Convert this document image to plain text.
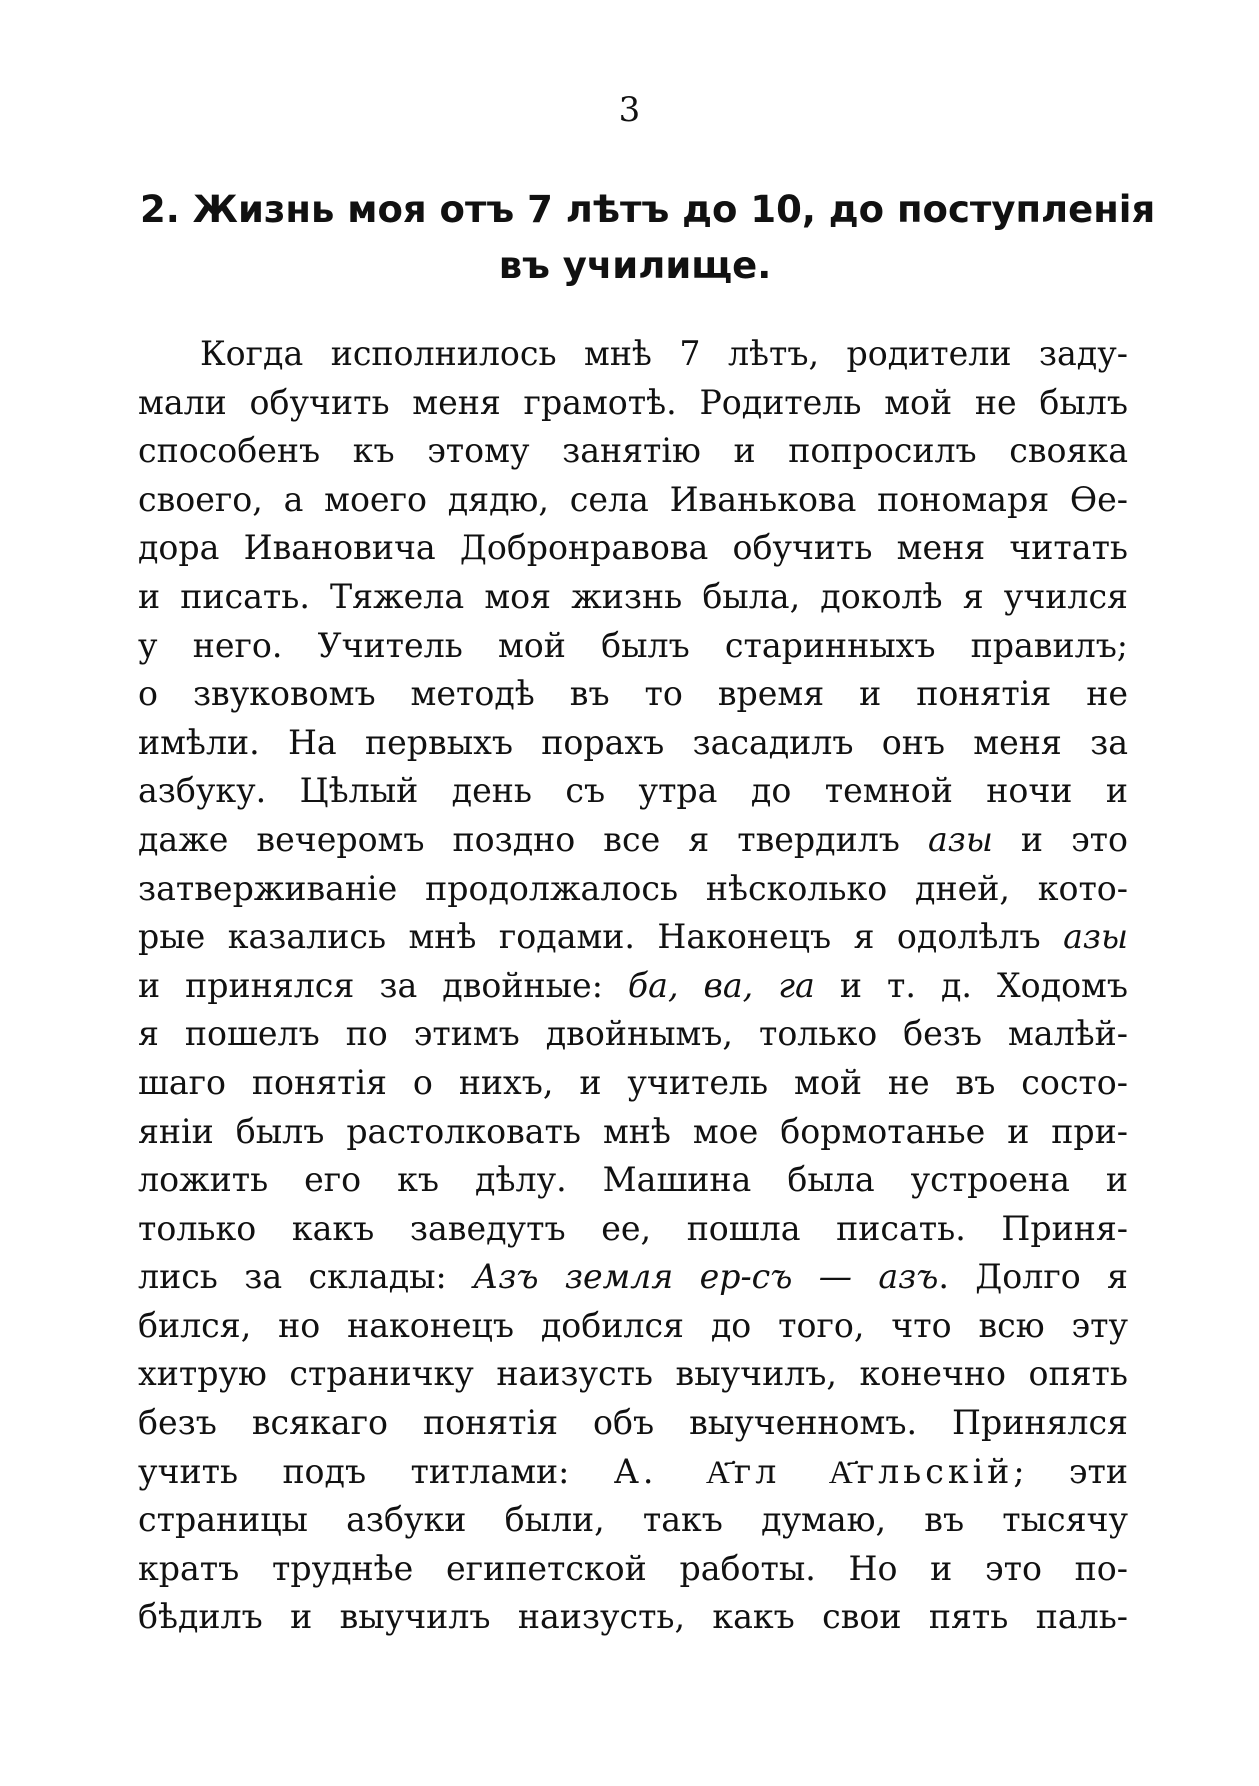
3
2. Жизнь моя отъ 7 лѣтъ до 10, до поступленія
въ училище.
Когда исполнилось мнѣ 7 лѣтъ, родители заду-
мали обучить меня грамотѣ. Родитель мой не былъ
способенъ къ этому занятію и попросилъ свояка
своего, а моего дядю, села Иванькова пономаря Ѳе-
дора Ивановича Добронравова обучить меня читать
и писать. Тяжела моя жизнь была, доколѣ я учился
у него. Учитель мой былъ старинныхъ правилъ;
о звуковомъ методѣ въ то время и понятія не
имѣли. На первыхъ порахъ засадилъ онъ меня за
азбуку. Цѣлый день съ утра до темной ночи и
даже вечеромъ поздно все я твердилъ азы и это
затверживаніе продолжалось нѣсколько дней, кото-
рые казались мнѣ годами. Наконецъ я одолѣлъ азы
и принялся за двойные: ба, ва, га и т. д. Ходомъ
я пошелъ по этимъ двойнымъ, только безъ малѣй-
шаго понятія о нихъ, и учитель мой не въ состо-
яніи былъ растолковать мнѣ мое бормотанье и при-
ложить его къ дѣлу. Машина была устроена и
только какъ заведутъ ее, пошла писать. Приня-
лись за склады: Азъ земля ер-съ — азъ. Долго я
бился, но наконецъ добился до того, что всю эту
хитрую страничку наизусть выучилъ, конечно опять
безъ всякаго понятія объ выученномъ. Принялся
учить подъ титлами: А. А҃гл А҃гльскій; эти
страницы азбуки были, такъ думаю, въ тысячу
кратъ труднѣе египетской работы. Но и это по-
бѣдилъ и выучилъ наизусть, какъ свои пять паль-
